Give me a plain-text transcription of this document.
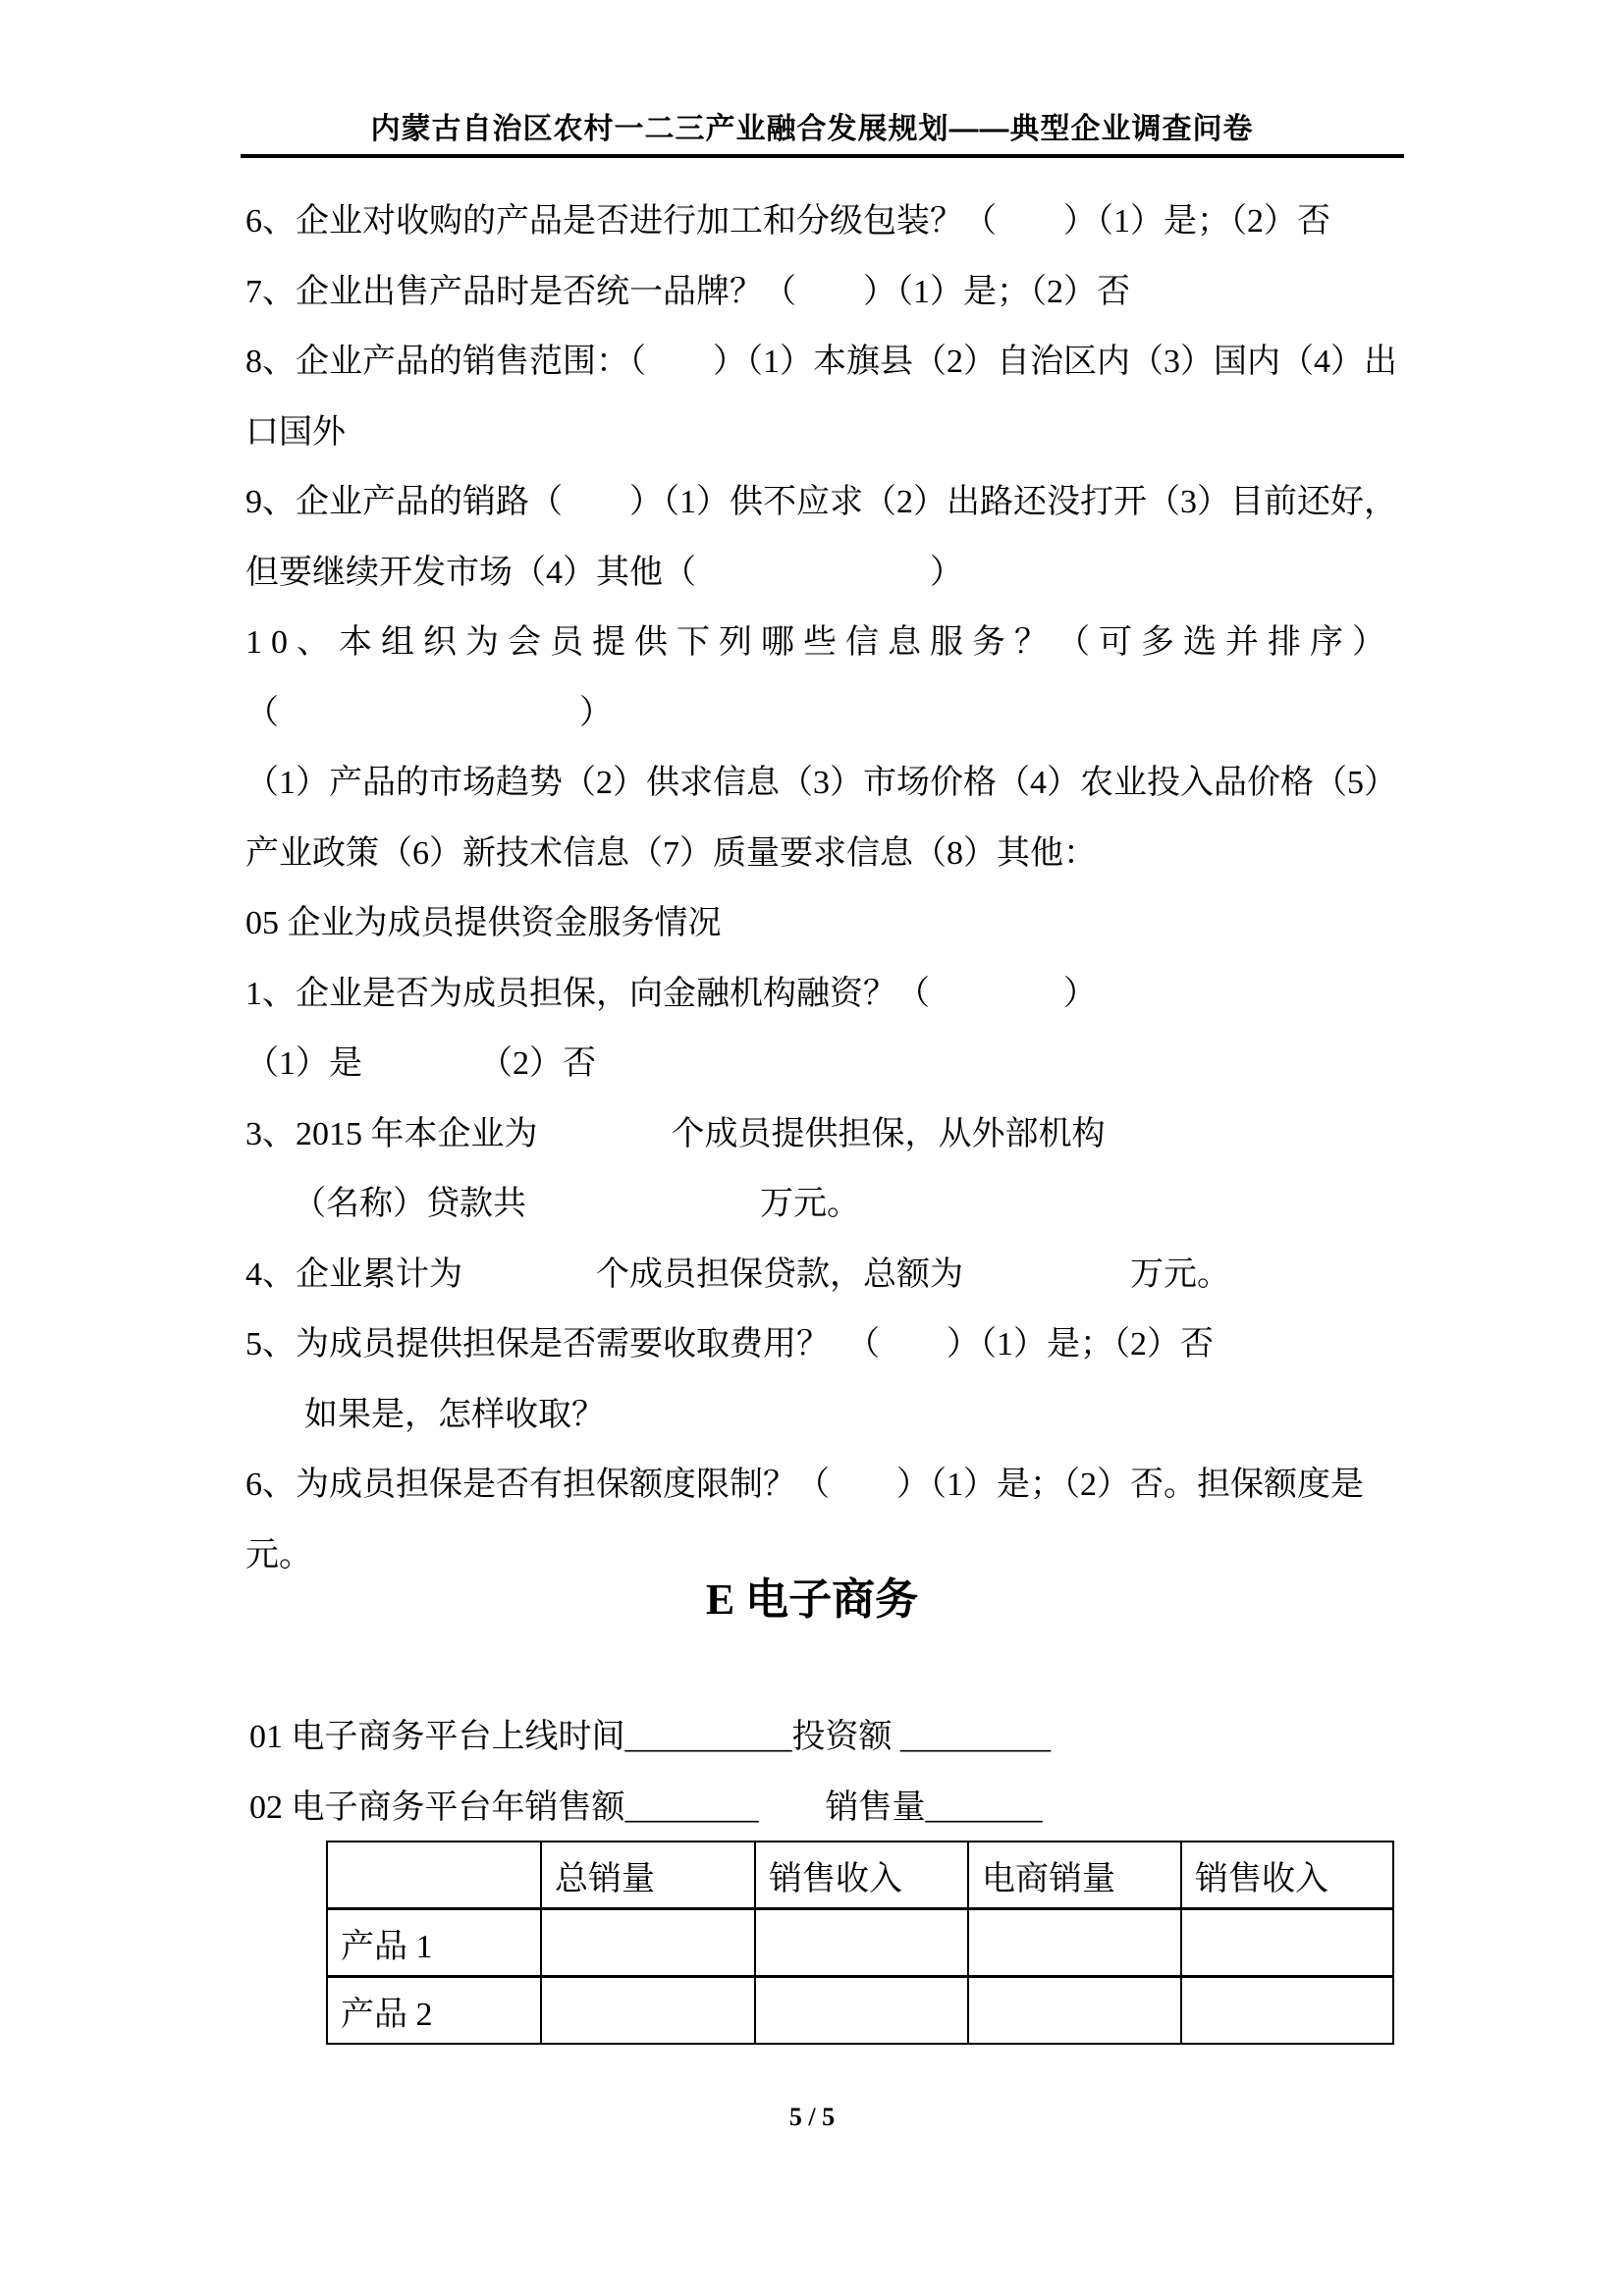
内蒙古自治区农村一二三产业融合发展规划——典型企业调查问卷
6、企业对收购的产品是否进行加工和分级包装？（　　）（1）是；（2）否
7、企业出售产品时是否统一品牌？（　　）（1）是；（2）否
8、企业产品的销售范围：（　　）（1）本旗县（2）自治区内（3）国内（4）出
口国外
9、企业产品的销路（　　）（1）供不应求（2）出路还没打开（3）目前还好，
但要继续开发市场（4）其他（　　　　　　　）
10、本组织为会员提供下列哪些信息服务？（可多选并排序）
（　　　　　　　　　）
（1）产品的市场趋势（2）供求信息（3）市场价格（4）农业投入品价格（5）
产业政策（6）新技术信息（7）质量要求信息（8）其他：
05 企业为成员提供资金服务情况
1、企业是否为成员担保，向金融机构融资？（　　　　）
（1）是　　　　（2）否
3、2015 年本企业为　　　　个成员提供担保，从外部机构
（名称）贷款共　　　　　　　万元。
4、企业累计为　　　　个成员担保贷款，总额为　　　　　万元。
5、为成员提供担保是否需要收取费用？　（　　）（1）是；（2）否
如果是，怎样收取？
6、为成员担保是否有担保额度限制？（　　）（1）是；（2）否。担保额度是
元。
E 电子商务
01 电子商务平台上线时间__________投资额 _________
02 电子商务平台年销售额________　　销售量_______
	总销量	销售收入	电商销量	销售收入
产品 1				
产品 2				
5 / 5
